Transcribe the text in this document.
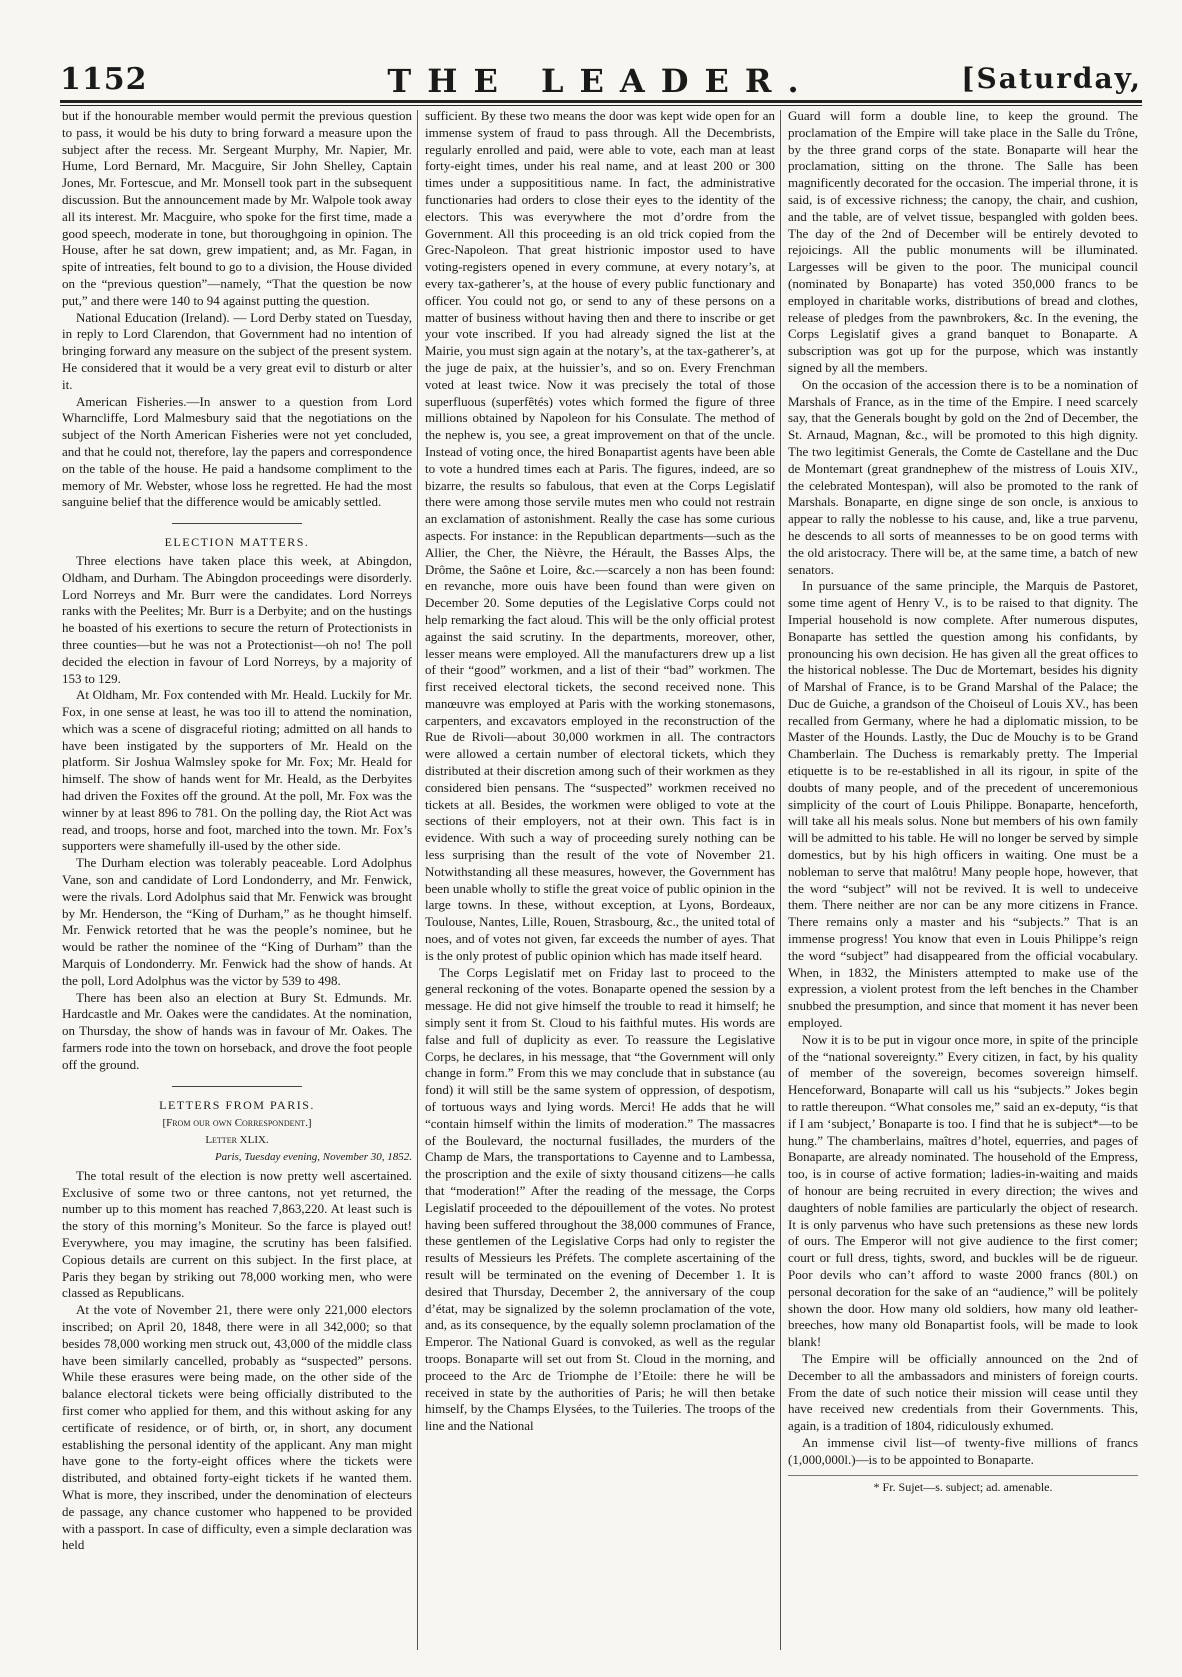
1152	THE LEADER.	[Saturday,

but if the honourable member would permit the previous question to pass, it would be his duty to bring forward a measure upon the subject after the recess. Mr. Sergeant Murphy, Mr. Napier, Mr. Hume, Lord Bernard, Mr. Macguire, Sir John Shelley, Captain Jones, Mr. Fortescue, and Mr. Monsell took part in the subsequent discussion. But the announcement made by Mr. Walpole took away all its interest. Mr. Macguire, who spoke for the first time, made a good speech, moderate in tone, but thoroughgoing in opinion. The House, after he sat down, grew impatient; and, as Mr. Fagan, in spite of intreaties, felt bound to go to a division, the House divided on the “previous question”—namely, “That the question be now put,” and there were 140 to 94 against putting the question.

National Education (Ireland). — Lord Derby stated on Tuesday, in reply to Lord Clarendon, that Government had no intention of bringing forward any measure on the subject of the present system. He considered that it would be a very great evil to disturb or alter it.

American Fisheries.—In answer to a question from Lord Wharncliffe, Lord Malmesbury said that the negotiations on the subject of the North American Fisheries were not yet concluded, and that he could not, therefore, lay the papers and correspondence on the table of the house. He paid a handsome compliment to the memory of Mr. Webster, whose loss he regretted. He had the most sanguine belief that the difference would be amicably settled.

ELECTION MATTERS.

Three elections have taken place this week, at Abingdon, Oldham, and Durham. The Abingdon proceedings were disorderly. Lord Norreys and Mr. Burr were the candidates. Lord Norreys ranks with the Peelites; Mr. Burr is a Derbyite; and on the hustings he boasted of his exertions to secure the return of Protectionists in three counties—but he was not a Protectionist—oh no! The poll decided the election in favour of Lord Norreys, by a majority of 153 to 129.

At Oldham, Mr. Fox contended with Mr. Heald. Luckily for Mr. Fox, in one sense at least, he was too ill to attend the nomination, which was a scene of disgraceful rioting; admitted on all hands to have been instigated by the supporters of Mr. Heald on the platform. Sir Joshua Walmsley spoke for Mr. Fox; Mr. Heald for himself. The show of hands went for Mr. Heald, as the Derbyites had driven the Foxites off the ground. At the poll, Mr. Fox was the winner by at least 896 to 781. On the polling day, the Riot Act was read, and troops, horse and foot, marched into the town. Mr. Fox’s supporters were shamefully ill-used by the other side.

The Durham election was tolerably peaceable. Lord Adolphus Vane, son and candidate of Lord Londonderry, and Mr. Fenwick, were the rivals. Lord Adolphus said that Mr. Fenwick was brought by Mr. Henderson, the “King of Durham,” as he thought himself. Mr. Fenwick retorted that he was the people’s nominee, but he would be rather the nominee of the “King of Durham” than the Marquis of Londonderry. Mr. Fenwick had the show of hands. At the poll, Lord Adolphus was the victor by 539 to 498.

There has been also an election at Bury St. Edmunds. Mr. Hardcastle and Mr. Oakes were the candidates. At the nomination, on Thursday, the show of hands was in favour of Mr. Oakes. The farmers rode into the town on horseback, and drove the foot people off the ground.

LETTERS FROM PARIS.
[From our own Correspondent.]
Letter XLIX.
Paris, Tuesday evening, November 30, 1852.

The total result of the election is now pretty well ascertained. Exclusive of some two or three cantons, not yet returned, the number up to this moment has reached 7,863,220. At least such is the story of this morning’s Moniteur. So the farce is played out! Everywhere, you may imagine, the scrutiny has been falsified. Copious details are current on this subject. In the first place, at Paris they began by striking out 78,000 working men, who were classed as Republicans.

At the vote of November 21, there were only 221,000 electors inscribed; on April 20, 1848, there were in all 342,000; so that besides 78,000 working men struck out, 43,000 of the middle class have been similarly cancelled, probably as “suspected” persons. While these erasures were being made, on the other side of the balance electoral tickets were being officially distributed to the first comer who applied for them, and this without asking for any certificate of residence, or of birth, or, in short, any document establishing the personal identity of the applicant. Any man might have gone to the forty-eight offices where the tickets were distributed, and obtained forty-eight tickets if he wanted them. What is more, they inscribed, under the denomination of electeurs de passage, any chance customer who happened to be provided with a passport. In case of difficulty, even a simple declaration was held

sufficient. By these two means the door was kept wide open for an immense system of fraud to pass through. All the Decembrists, regularly enrolled and paid, were able to vote, each man at least forty-eight times, under his real name, and at least 200 or 300 times under a supposititious name. In fact, the administrative functionaries had orders to close their eyes to the identity of the electors. This was everywhere the mot d’ordre from the Government. All this proceeding is an old trick copied from the Grec-Napoleon. That great histrionic impostor used to have voting-registers opened in every commune, at every notary’s, at every tax-gatherer’s, at the house of every public functionary and officer. You could not go, or send to any of these persons on a matter of business without having then and there to inscribe or get your vote inscribed. If you had already signed the list at the Mairie, you must sign again at the notary’s, at the tax-gatherer’s, at the juge de paix, at the huissier’s, and so on. Every Frenchman voted at least twice. Now it was precisely the total of those superfluous (superfêtés) votes which formed the figure of three millions obtained by Napoleon for his Consulate. The method of the nephew is, you see, a great improvement on that of the uncle. Instead of voting once, the hired Bonapartist agents have been able to vote a hundred times each at Paris. The figures, indeed, are so bizarre, the results so fabulous, that even at the Corps Legislatif there were among those servile mutes men who could not restrain an exclamation of astonishment. Really the case has some curious aspects. For instance: in the Republican departments—such as the Allier, the Cher, the Nièvre, the Hérault, the Basses Alps, the Drôme, the Saône et Loire, &c.—scarcely a non has been found: en revanche, more ouis have been found than were given on December 20. Some deputies of the Legislative Corps could not help remarking the fact aloud. This will be the only official protest against the said scrutiny. In the departments, moreover, other, lesser means were employed. All the manufacturers drew up a list of their “good” workmen, and a list of their “bad” workmen. The first received electoral tickets, the second received none. This manœuvre was employed at Paris with the working stonemasons, carpenters, and excavators employed in the reconstruction of the Rue de Rivoli—about 30,000 workmen in all. The contractors were allowed a certain number of electoral tickets, which they distributed at their discretion among such of their workmen as they considered bien pensans. The “suspected” workmen received no tickets at all. Besides, the workmen were obliged to vote at the sections of their employers, not at their own. This fact is in evidence. With such a way of proceeding surely nothing can be less surprising than the result of the vote of November 21. Notwithstanding all these measures, however, the Government has been unable wholly to stifle the great voice of public opinion in the large towns. In these, without exception, at Lyons, Bordeaux, Toulouse, Nantes, Lille, Rouen, Strasbourg, &c., the united total of noes, and of votes not given, far exceeds the number of ayes. That is the only protest of public opinion which has made itself heard.

The Corps Legislatif met on Friday last to proceed to the general reckoning of the votes. Bonaparte opened the session by a message. He did not give himself the trouble to read it himself; he simply sent it from St. Cloud to his faithful mutes. His words are false and full of duplicity as ever. To reassure the Legislative Corps, he declares, in his message, that “the Government will only change in form.” From this we may conclude that in substance (au fond) it will still be the same system of oppression, of despotism, of tortuous ways and lying words. Merci! He adds that he will “contain himself within the limits of moderation.” The massacres of the Boulevard, the nocturnal fusillades, the murders of the Champ de Mars, the transportations to Cayenne and to Lambessa, the proscription and the exile of sixty thousand citizens—he calls that “moderation!” After the reading of the message, the Corps Legislatif proceeded to the dépouillement of the votes. No protest having been suffered throughout the 38,000 communes of France, these gentlemen of the Legislative Corps had only to register the results of Messieurs les Préfets. The complete ascertaining of the result will be terminated on the evening of December 1. It is desired that Thursday, December 2, the anniversary of the coup d’état, may be signalized by the solemn proclamation of the vote, and, as its consequence, by the equally solemn proclamation of the Emperor. The National Guard is convoked, as well as the regular troops. Bonaparte will set out from St. Cloud in the morning, and proceed to the Arc de Triomphe de l’Etoile: there he will be received in state by the authorities of Paris; he will then betake himself, by the Champs Elysées, to the Tuileries. The troops of the line and the National

Guard will form a double line, to keep the ground. The proclamation of the Empire will take place in the Salle du Trône, by the three grand corps of the state. Bonaparte will hear the proclamation, sitting on the throne. The Salle has been magnificently decorated for the occasion. The imperial throne, it is said, is of excessive richness; the canopy, the chair, and cushion, and the table, are of velvet tissue, bespangled with golden bees. The day of the 2nd of December will be entirely devoted to rejoicings. All the public monuments will be illuminated. Largesses will be given to the poor. The municipal council (nominated by Bonaparte) has voted 350,000 francs to be employed in charitable works, distributions of bread and clothes, release of pledges from the pawnbrokers, &c. In the evening, the Corps Legislatif gives a grand banquet to Bonaparte. A subscription was got up for the purpose, which was instantly signed by all the members.

On the occasion of the accession there is to be a nomination of Marshals of France, as in the time of the Empire. I need scarcely say, that the Generals bought by gold on the 2nd of December, the St. Arnaud, Magnan, &c., will be promoted to this high dignity. The two legitimist Generals, the Comte de Castellane and the Duc de Montemart (great grandnephew of the mistress of Louis XIV., the celebrated Montespan), will also be promoted to the rank of Marshals. Bonaparte, en digne singe de son oncle, is anxious to appear to rally the noblesse to his cause, and, like a true parvenu, he descends to all sorts of meannesses to be on good terms with the old aristocracy. There will be, at the same time, a batch of new senators.

In pursuance of the same principle, the Marquis de Pastoret, some time agent of Henry V., is to be raised to that dignity. The Imperial household is now complete. After numerous disputes, Bonaparte has settled the question among his confidants, by pronouncing his own decision. He has given all the great offices to the historical noblesse. The Duc de Mortemart, besides his dignity of Marshal of France, is to be Grand Marshal of the Palace; the Duc de Guiche, a grandson of the Choiseul of Louis XV., has been recalled from Germany, where he had a diplomatic mission, to be Master of the Hounds. Lastly, the Duc de Mouchy is to be Grand Chamberlain. The Duchess is remarkably pretty. The Imperial etiquette is to be re-established in all its rigour, in spite of the doubts of many people, and of the precedent of unceremonious simplicity of the court of Louis Philippe. Bonaparte, henceforth, will take all his meals solus. None but members of his own family will be admitted to his table. He will no longer be served by simple domestics, but by his high officers in waiting. One must be a nobleman to serve that malôtru! Many people hope, however, that the word “subject” will not be revived. It is well to undeceive them. There neither are nor can be any more citizens in France. There remains only a master and his “subjects.” That is an immense progress! You know that even in Louis Philippe’s reign the word “subject” had disappeared from the official vocabulary. When, in 1832, the Ministers attempted to make use of the expression, a violent protest from the left benches in the Chamber snubbed the presumption, and since that moment it has never been employed.

Now it is to be put in vigour once more, in spite of the principle of the “national sovereignty.” Every citizen, in fact, by his quality of member of the sovereign, becomes sovereign himself. Henceforward, Bonaparte will call us his “subjects.” Jokes begin to rattle thereupon. “What consoles me,” said an ex-deputy, “is that if I am ‘subject,’ Bonaparte is too. I find that he is subject*—to be hung.” The chamberlains, maîtres d’hotel, equerries, and pages of Bonaparte, are already nominated. The household of the Empress, too, is in course of active formation; ladies-in-waiting and maids of honour are being recruited in every direction; the wives and daughters of noble families are particularly the object of research. It is only parvenus who have such pretensions as these new lords of ours. The Emperor will not give audience to the first comer; court or full dress, tights, sword, and buckles will be de rigueur. Poor devils who can’t afford to waste 2000 francs (80l.) on personal decoration for the sake of an “audience,” will be politely shown the door. How many old soldiers, how many old leather-breeches, how many old Bonapartist fools, will be made to look blank!

The Empire will be officially announced on the 2nd of December to all the ambassadors and ministers of foreign courts. From the date of such notice their mission will cease until they have received new credentials from their Governments. This, again, is a tradition of 1804, ridiculously exhumed.

An immense civil list—of twenty-five millions of francs (1,000,000l.)—is to be appointed to Bonaparte.

* Fr. Sujet—s. subject; ad. amenable.
